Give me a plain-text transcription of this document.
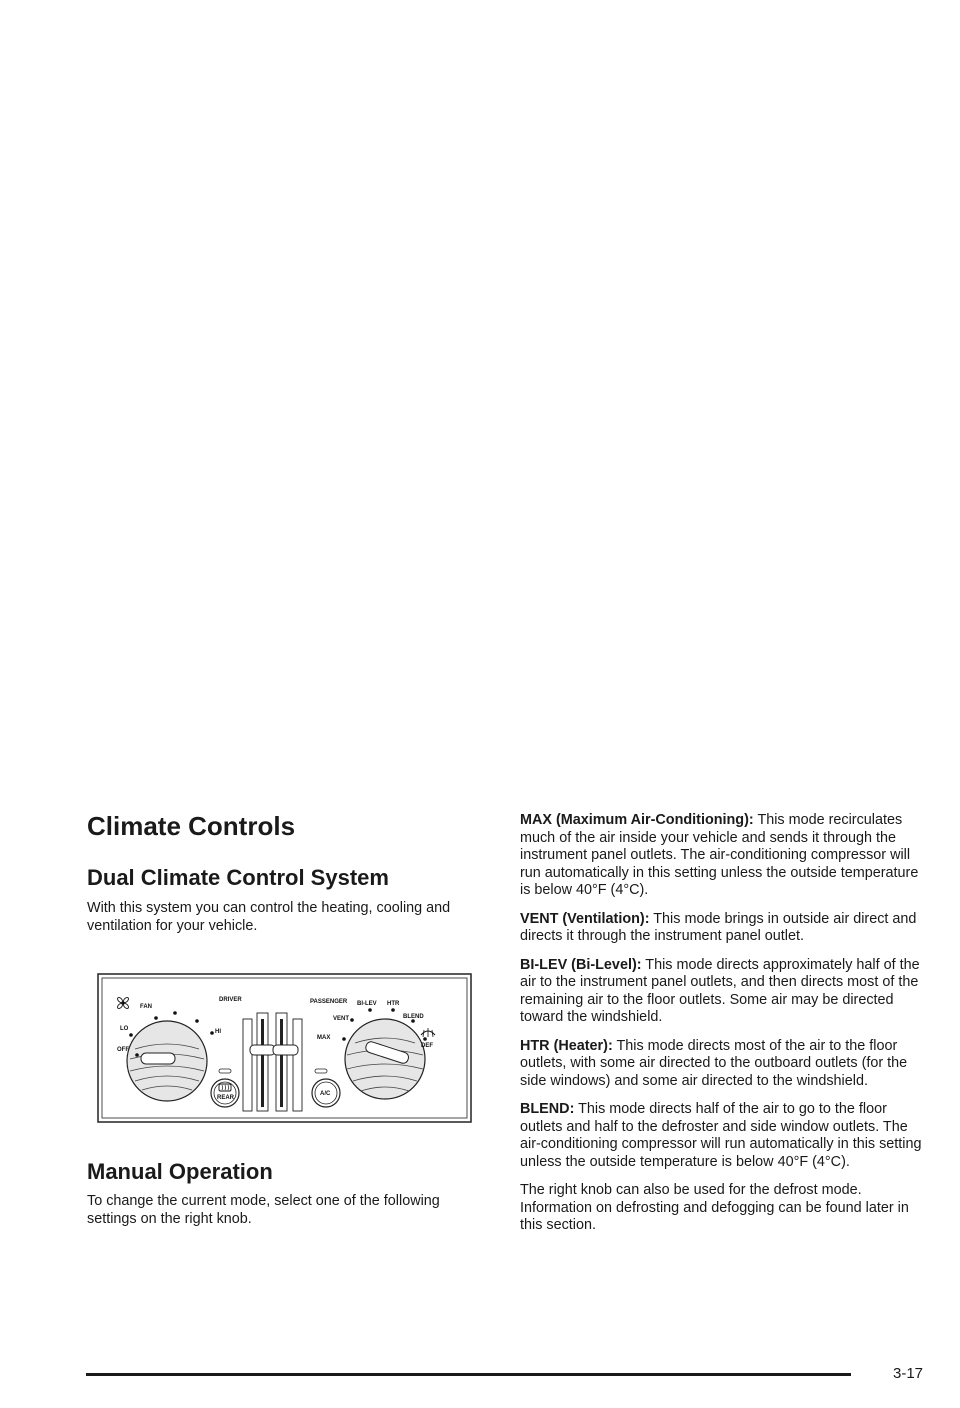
Climate Controls
Dual Climate Control System

With this system you can control the heating, cooling and ventilation for your vehicle.

FAN
LO
OFF
HI
REAR
DRIVER	PASSENGER
A/C
MAX
VENT
BI-LEV HTR
BLEND
DEF
Manual Operation

To change the current mode, select one of the following settings on the right knob.

MAX (Maximum Air-Conditioning): This mode recirculates much of the air inside your vehicle and sends it through the instrument panel outlets. The air-conditioning compressor will run automatically in this setting unless the outside temperature is below 40°F (4°C).

VENT (Ventilation): This mode brings in outside air direct and directs it through the instrument panel outlet.

BI-LEV (Bi-Level): This mode directs approximately half of the air to the instrument panel outlets, and then directs most of the remaining air to the floor outlets. Some air may be directed toward the windshield.

HTR (Heater): This mode directs most of the air to the floor outlets, with some air directed to the outboard outlets (for the side windows) and some air directed to the windshield.

BLEND: This mode directs half of the air to go to the floor outlets and half to the defroster and side window outlets. The air-conditioning compressor will run automatically in this setting unless the outside temperature is below 40°F (4°C).

The right knob can also be used for the defrost mode. Information on defrosting and defogging can be found later in this section.

3-17
